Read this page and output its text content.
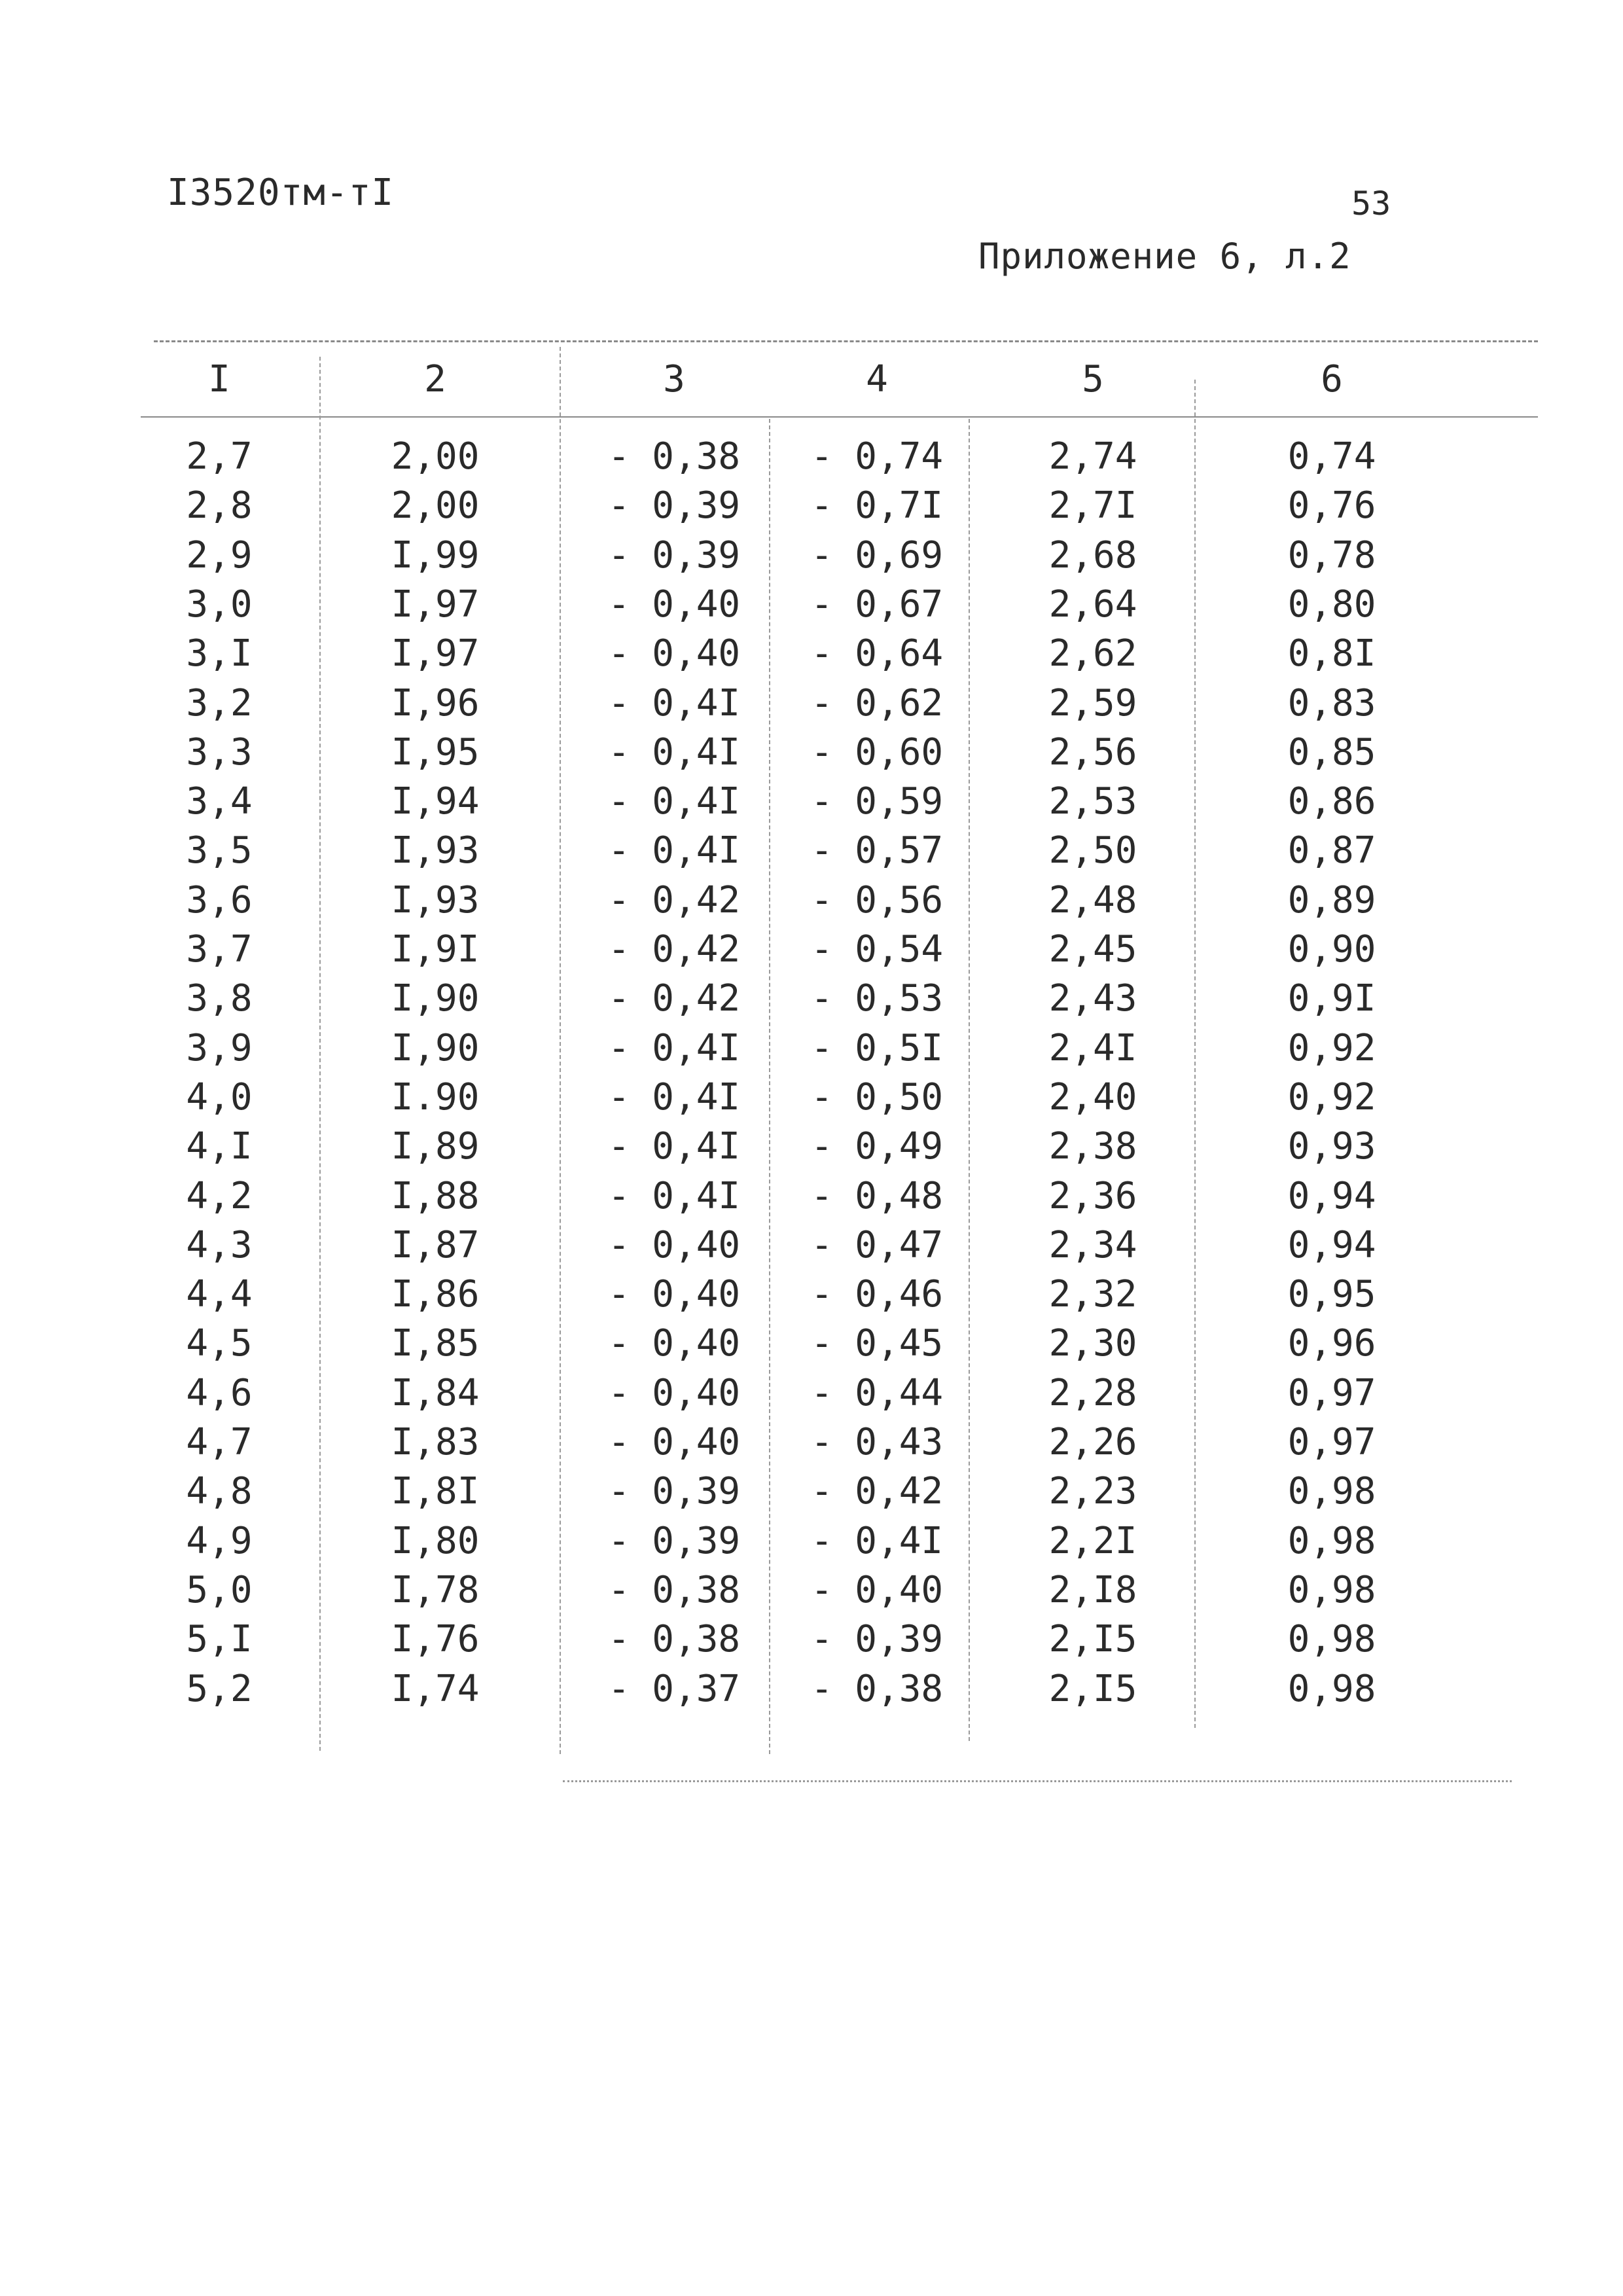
I3520тм-тI	53
Приложение 6, л.2
I	2	3	4	5	6
2,7	2,00	- 0,38	- 0,74	2,74	0,74
2,8	2,00	- 0,39	- 0,7I	2,7I	0,76
2,9	I,99	- 0,39	- 0,69	2,68	0,78
3,0	I,97	- 0,40	- 0,67	2,64	0,80
3,I	I,97	- 0,40	- 0,64	2,62	0,8I
3,2	I,96	- 0,4I	- 0,62	2,59	0,83
3,3	I,95	- 0,4I	- 0,60	2,56	0,85
3,4	I,94	- 0,4I	- 0,59	2,53	0,86
3,5	I,93	- 0,4I	- 0,57	2,50	0,87
3,6	I,93	- 0,42	- 0,56	2,48	0,89
3,7	I,9I	- 0,42	- 0,54	2,45	0,90
3,8	I,90	- 0,42	- 0,53	2,43	0,9I
3,9	I,90	- 0,4I	- 0,5I	2,4I	0,92
4,0	I.90	- 0,4I	- 0,50	2,40	0,92
4,I	I,89	- 0,4I	- 0,49	2,38	0,93
4,2	I,88	- 0,4I	- 0,48	2,36	0,94
4,3	I,87	- 0,40	- 0,47	2,34	0,94
4,4	I,86	- 0,40	- 0,46	2,32	0,95
4,5	I,85	- 0,40	- 0,45	2,30	0,96
4,6	I,84	- 0,40	- 0,44	2,28	0,97
4,7	I,83	- 0,40	- 0,43	2,26	0,97
4,8	I,8I	- 0,39	- 0,42	2,23	0,98
4,9	I,80	- 0,39	- 0,4I	2,2I	0,98
5,0	I,78	- 0,38	- 0,40	2,I8	0,98
5,I	I,76	- 0,38	- 0,39	2,I5	0,98
5,2	I,74	- 0,37	- 0,38	2,I5	0,98
